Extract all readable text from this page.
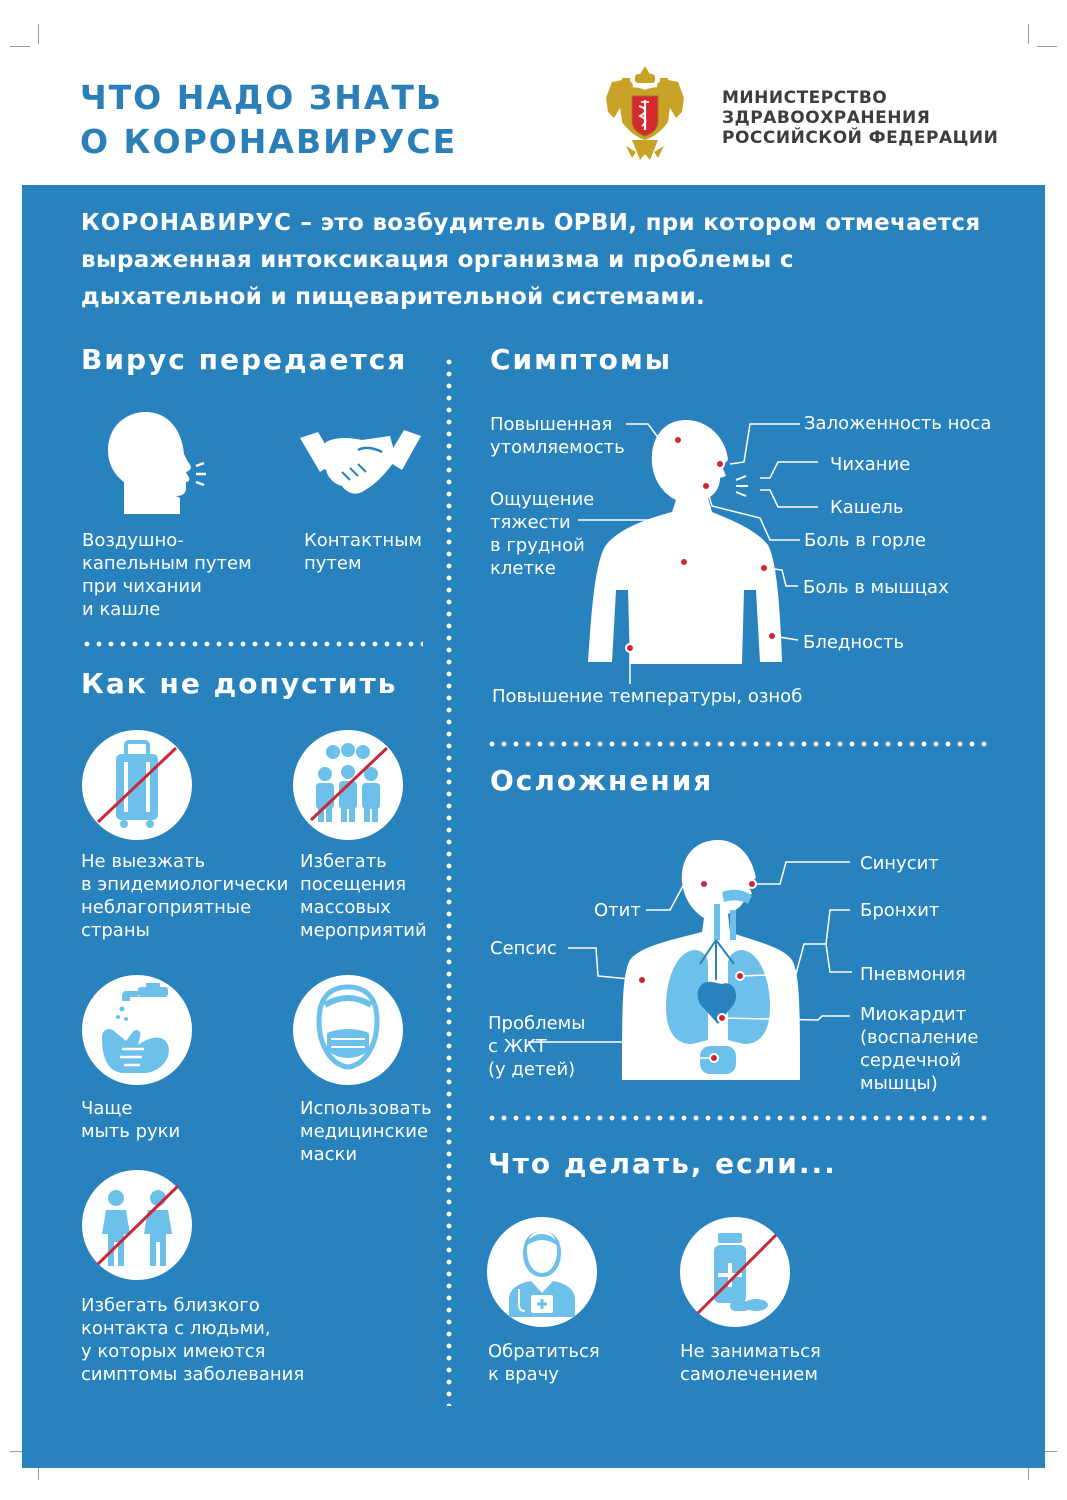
ЧТО НАДО ЗНАТЬ
О КОРОНАВИРУСЕ
МИНИСТЕРСТВО
ЗДРАВООХРАНЕНИЯ
РОССИЙСКОЙ ФЕДЕРАЦИИ
КОРОНАВИРУС – это возбудитель ОРВИ, при котором отмечается выраженная интоксикация организма и проблемы с дыхательной и пищеварительной системами.
Вирус передается
Воздушно-
капельным путем
при чихании
и кашле
Контактным
путем
Как не допустить
Не выезжать
в эпидемиологически
неблагоприятные
страны
Избегать
посещения
массовых
мероприятий
Чаще
мыть руки
Использовать
медицинские
маски
Избегать близкого
контакта с людьми,
у которых имеются
симптомы заболевания
Симптомы
Повышенная
утомляемость
Ощущение
тяжести
в грудной
клетке
Заложенность носа
Чихание
Кашель
Боль в горле
Боль в мышцах
Бледность
Повышение температуры, озноб
Осложнения
Синусит
Отит	Бронхит
Сепсис
Пневмония
Проблемы
с ЖКТ
(у детей)
Миокардит
(воспаление
сердечной
мышцы)
Что делать, если...
Обратиться
к врачу
Не заниматься
самолечением
